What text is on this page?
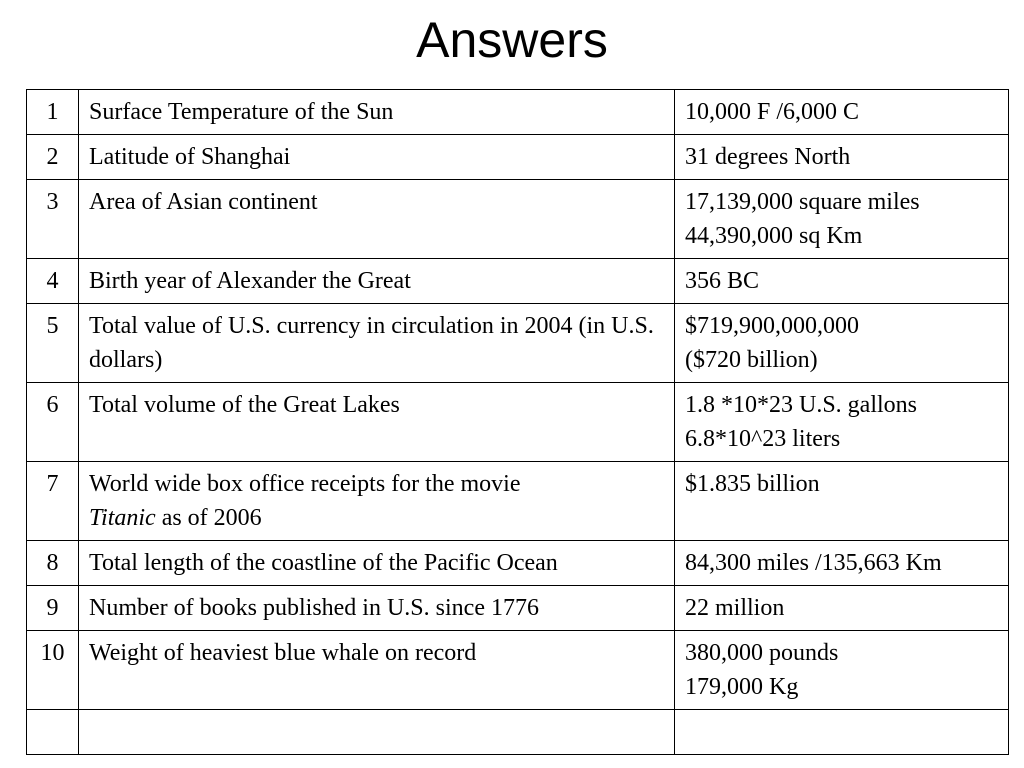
Answers
1	Surface Temperature of the Sun	10,000 F /6,000 C
2	Latitude of Shanghai	31 degrees North
3	Area of Asian continent	17,139,000 square miles
44,390,000 sq Km
4	Birth year of Alexander the Great	356 BC
5	Total value of U.S. currency in circulation in 2004 (in U.S. dollars)	$719,900,000,000
($720 billion)
6	Total volume of the Great Lakes	1.8 *10*23 U.S. gallons
6.8*10^23 liters
7	World wide box office receipts for the movie
Titanic as of 2006	$1.835 billion
8	Total length of the coastline of the Pacific Ocean	84,300 miles /135,663 Km
9	Number of books published in U.S. since 1776	22 million
10	Weight of heaviest blue whale on record	380,000 pounds
179,000 Kg
